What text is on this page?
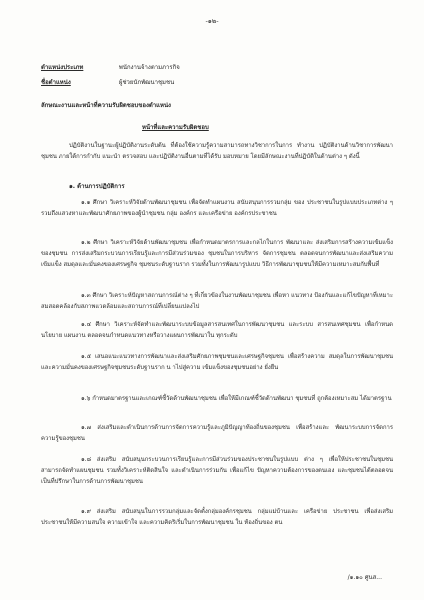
-๑๒-
ตำแหน่งประเภท	พนักงานจ้างตามภารกิจ
ชื่อตำแหน่ง	ผู้ช่วยนักพัฒนาชุมชน
ลักษณะงานและหน้าที่ความรับผิดชอบของตำแหน่ง
หน้าที่และความรับผิดชอบ
ปฏิบัติงานในฐานะผู้ปฏิบัติงานระดับต้น ที่ต้องใช้ความรู้ความสามารถทางวิชาการในการ ทำงาน ปฏิบัติงานด้านวิชาการพัฒนาชุมชน ภายใต้การกำกับ แนะนำ ตรวจสอบ และปฏิบัติงานอื่นตามที่ได้รับ มอบหมาย โดยมีลักษณะงานที่ปฏิบัติในด้านต่าง ๆ ดังนี้
๑. ด้านการปฏิบัติการ
๑.๑ ศึกษา วิเคราะห์วิจัยด้านพัฒนาชุมชน เพื่อจัดทำแผนงาน สนับสนุนการรวมกลุ่ม ของ ประชาชนในรูปแบบประเภทต่าง ๆ รวมถึงแสวงหาและพัฒนาศักยภาพของผู้นำชุมชน กลุ่ม องค์กร และเครือข่าย องค์กรประชาชน
๑.๒ ศึกษา วิเคราะห์วิจัยด้านพัฒนาชุมชน เพื่อกำหนดมาตรการและกลไกในการ พัฒนาและ ส่งเสริมการสร้างความเข้มแข็งของชุมชน การส่งเสริมกระบวนการเรียนรู้และการมีส่วนร่วมของ ชุมชนในการบริหาร จัดการชุมชน ตลอดจนการพัฒนาและส่งเสริมความเข้มแข็ง สมดุลและมั่นคงของเศรษฐกิจ ชุมชนระดับฐานราก รวมทั้งในการพัฒนารูปแบบ วิธีการพัฒนาชุมชนให้มีความเหมาะสมกับพื้นที่
๑.๓ ศึกษา วิเคราะห์ปัญหาสถานการณ์ต่าง ๆ ที่เกี่ยวข้องในงานพัฒนาชุมชน เพื่อหา แนวทาง ป้องกันและแก้ไขปัญหาที่เหมาะสมสอดคล้องกับสภาพแวดล้อมและสถานการณ์ที่เปลี่ยนแปลงไป
๑.๔ ศึกษา วิเคราะห์จัดทำและพัฒนาระบบข้อมูลสารสนเทศในการพัฒนาชุมชน และระบบ สารสนเทศชุมชน เพื่อกำหนดนโยบาย แผนงาน ตลอดจนกำหนดแนวทางหรือวางแผนการพัฒนาใน ทุกระดับ
๑.๕ เสนอแนะแนวทางการพัฒนาและส่งเสริมศักยภาพชุมชนและเศรษฐกิจชุมชน เพื่อสร้างความ สมดุลในการพัฒนาชุมชน และความมั่นคงของเศรษฐกิจชุมชนระดับฐานราก น าไปสู่ความ เข้มแข็งของชุมชนอย่าง ยั่งยืน
๑.๖ กำหนดมาตรฐานและเกณฑ์ชี้วัดด้านพัฒนาชุมชน เพื่อให้มีเกณฑ์ชี้วัดด้านพัฒนา ชุมชนที่ ถูกต้องเหมาะสม ได้มาตรฐาน
๑.๗ ส่งเสริมและดำเนินการด้านการจัดการความรู้และภูมิปัญญาท้องถิ่นของชุมชน เพื่อสร้างและ พัฒนาระบบการจัดการความรู้ของชุมชน
๑.๘ ส่งเสริม สนับสนุนกระบวนการเรียนรู้และการมีส่วนร่วมของประชาชนในรูปแบบ ต่าง ๆ เพื่อให้ประชาชนในชุมชนสามารถจัดทำแผนชุมชน รวมทั้งวิเคราะห์ติดสินใจ และดำเนินการร่วมกัน เพื่อแก้ไข ปัญหาความต้องการของตนเอง และชุมชนได้ตลอดจนเป็นที่ปรึกษาในการด้านการพัฒนาชุมชน
๑.๙ ส่งเสริม สนับสนุนในการรวมกลุ่มและจัดตั้งกลุ่มองค์กรชุมชน กลุ่มแม่บ้านและ เครือข่าย ประชาชน เพื่อส่งเสริมประชาชนให้มีความสนใจ ความเข้าใจ และความคิดริเริ่มในการพัฒนาชุมชน ใน ท้องถิ่นของ ตน
/๑.๑๐ ศูนส...
